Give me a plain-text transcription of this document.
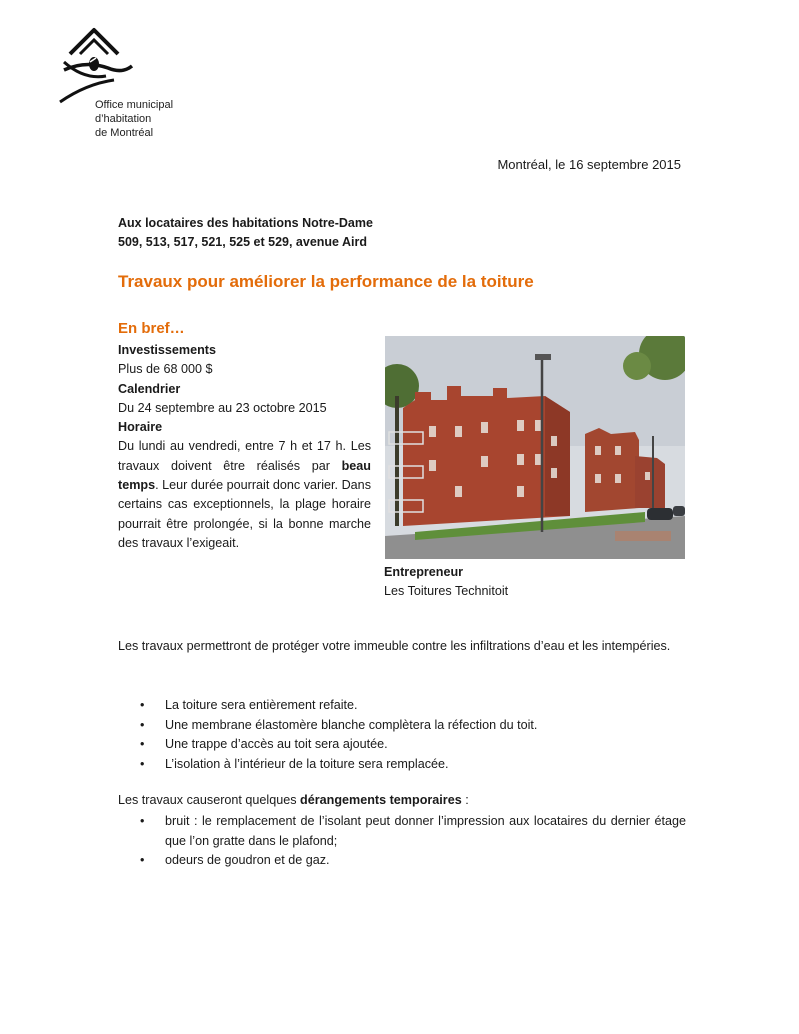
Office municipal
d’habitation
de Montréal
Montréal, le 16 septembre 2015
Aux locataires des habitations Notre-Dame
509, 513, 517, 521, 525 et 529, avenue Aird
Travaux pour améliorer la performance de la toiture
En bref…
Investissements
Plus de 68 000 $
Calendrier
Du 24 septembre au 23 octobre 2015
Horaire
Du lundi au vendredi, entre 7 h et 17 h. Les travaux doivent être réalisés par beau temps. Leur durée pourrait donc varier. Dans certains cas exceptionnels, la plage horaire pourrait être prolongée, si la bonne marche des travaux l’exigeait.
Entrepreneur
Les Toitures Technitoit
Les travaux permettront de protéger votre immeuble contre les infiltrations d’eau et les intempéries.
• La toiture sera entièrement refaite.
• Une membrane élastomère blanche complètera la réfection du toit.
• Une trappe d’accès au toit sera ajoutée.
• L’isolation à l’intérieur de la toiture sera remplacée.
Les travaux causeront quelques dérangements temporaires :
• bruit : le remplacement de l’isolant peut donner l’impression aux locataires du dernier étage que l’on gratte dans le plafond;
• odeurs de goudron et de gaz.
